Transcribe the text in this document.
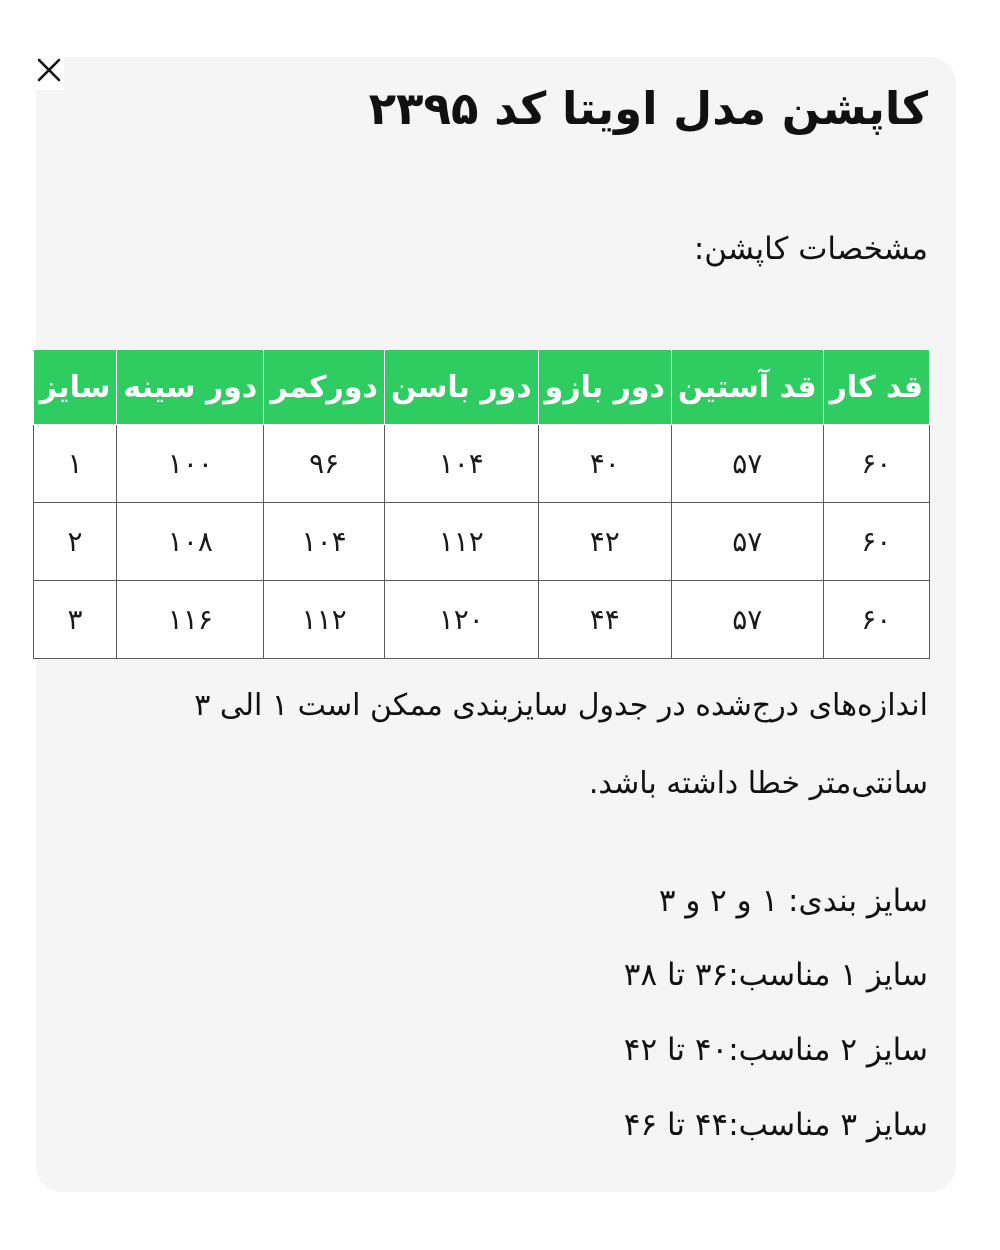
کاپشن مدل اویتا کد ۲۳۹۵
مشخصات کاپشن:
قد کار	قد آستین	دور بازو	دور باسن	دورکمر	دور سینه	سایز
۶۰	۵۷	۴۰	۱۰۴	۹۶	۱۰۰	۱
۶۰	۵۷	۴۲	۱۱۲	۱۰۴	۱۰۸	۲
۶۰	۵۷	۴۴	۱۲۰	۱۱۲	۱۱۶	۳
اندازه‌های درج‌شده در جدول سایزبندی ممکن است ۱ الی ۳ سانتی‌متر خطا داشته باشد.
سایز بندی: ۱ و ۲ و ۳
سایز ۱ مناسب:۳۶ تا ۳۸
سایز ۲ مناسب:۴۰ تا ۴۲
سایز ۳ مناسب:۴۴ تا ۴۶
